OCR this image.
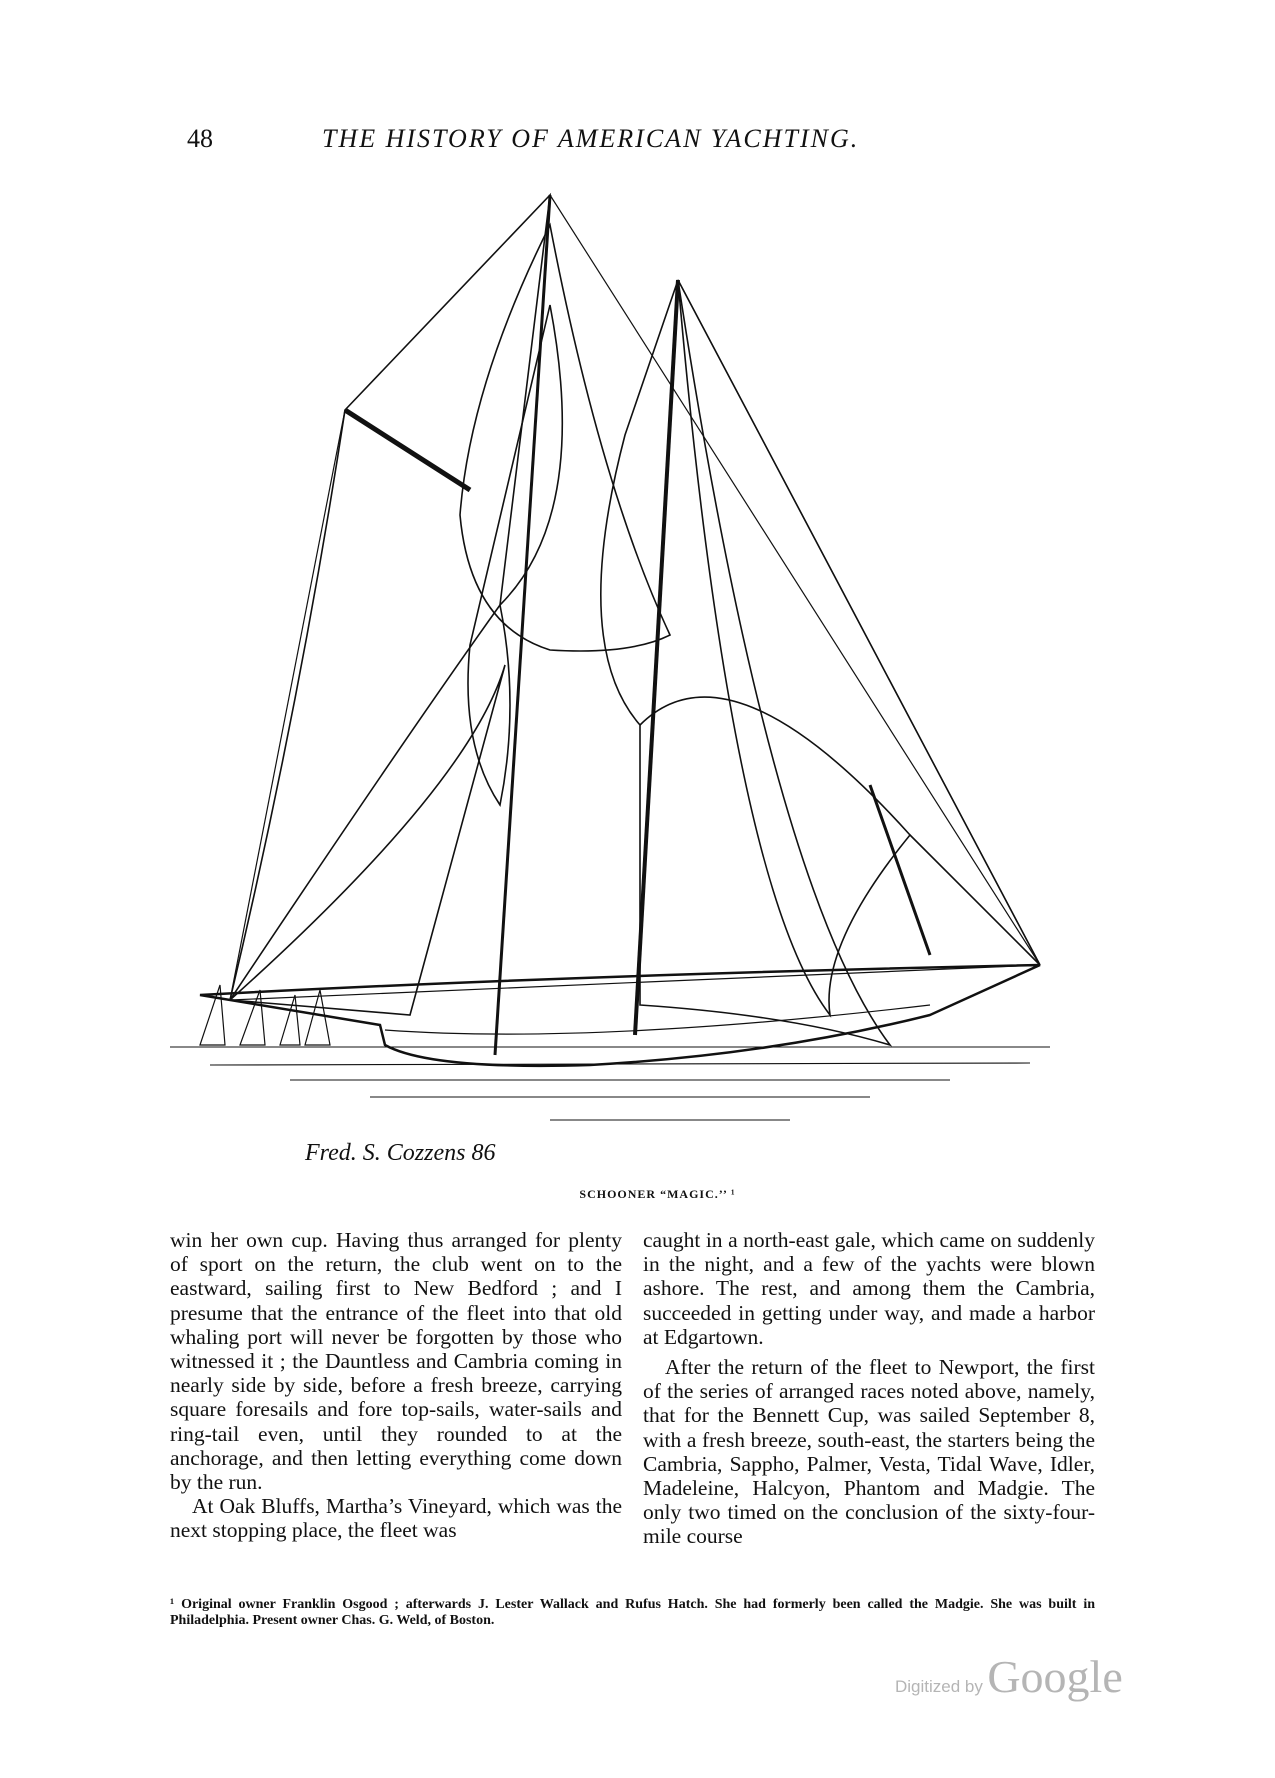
48	THE HISTORY OF AMERICAN YACHTING.
Fred. S. Cozzens 86
SCHOONER “MAGIC.’’ ¹

win her own cup. Having thus arranged for plenty of sport on the return, the club went on to the eastward, sailing first to New Bedford ; and I presume that the entrance of the fleet into that old whaling port will never be forgotten by those who witnessed it ; the Dauntless and Cambria coming in nearly side by side, before a fresh breeze, carrying square foresails and fore top-sails, water-sails and ring-tail even, until they rounded to at the anchorage, and then letting everything come down by the run.

At Oak Bluffs, Martha’s Vineyard, which was the next stopping place, the fleet was

caught in a north-east gale, which came on suddenly in the night, and a few of the yachts were blown ashore. The rest, and among them the Cambria, succeeded in getting under way, and made a harbor at Edgartown.

After the return of the fleet to Newport, the first of the series of arranged races noted above, namely, that for the Bennett Cup, was sailed September 8, with a fresh breeze, south-east, the starters being the Cambria, Sappho, Palmer, Vesta, Tidal Wave, Idler, Madeleine, Halcyon, Phantom and Madgie. The only two timed on the conclusion of the sixty-four-mile course

¹ Original owner Franklin Osgood ; afterwards J. Lester Wallack and Rufus Hatch. She had formerly been called the Madgie. She was built in Philadelphia. Present owner Chas. G. Weld, of Boston.
Digitized by Google
